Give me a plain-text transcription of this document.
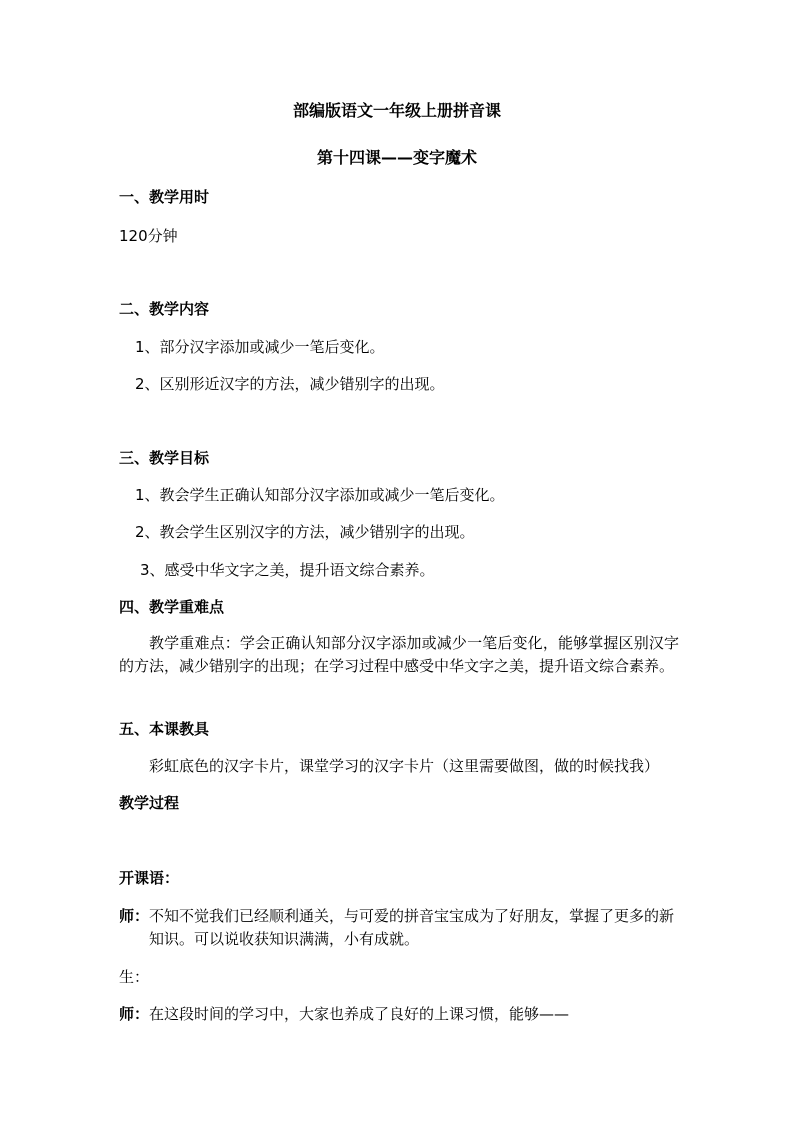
部编版语文一年级上册拼音课
第十四课——变字魔术
一、教学用时
120分钟
二、教学内容
1、部分汉字添加或减少一笔后变化。
2、区别形近汉字的方法，减少错别字的出现。
三、教学目标
1、教会学生正确认知部分汉字添加或减少一笔后变化。
2、教会学生区别汉字的方法，减少错别字的出现。
3、感受中华文字之美，提升语文综合素养。
四、教学重难点
教学重难点：学会正确认知部分汉字添加或减少一笔后变化，能够掌握区别汉字的方法，减少错别字的出现；在学习过程中感受中华文字之美，提升语文综合素养。
五、本课教具
彩虹底色的汉字卡片，课堂学习的汉字卡片（这里需要做图，做的时候找我）
教学过程
开课语：
师：不知不觉我们已经顺利通关，与可爱的拼音宝宝成为了好朋友，掌握了更多的新知识。可以说收获知识满满，小有成就。
生：
师：在这段时间的学习中，大家也养成了良好的上课习惯，能够——
